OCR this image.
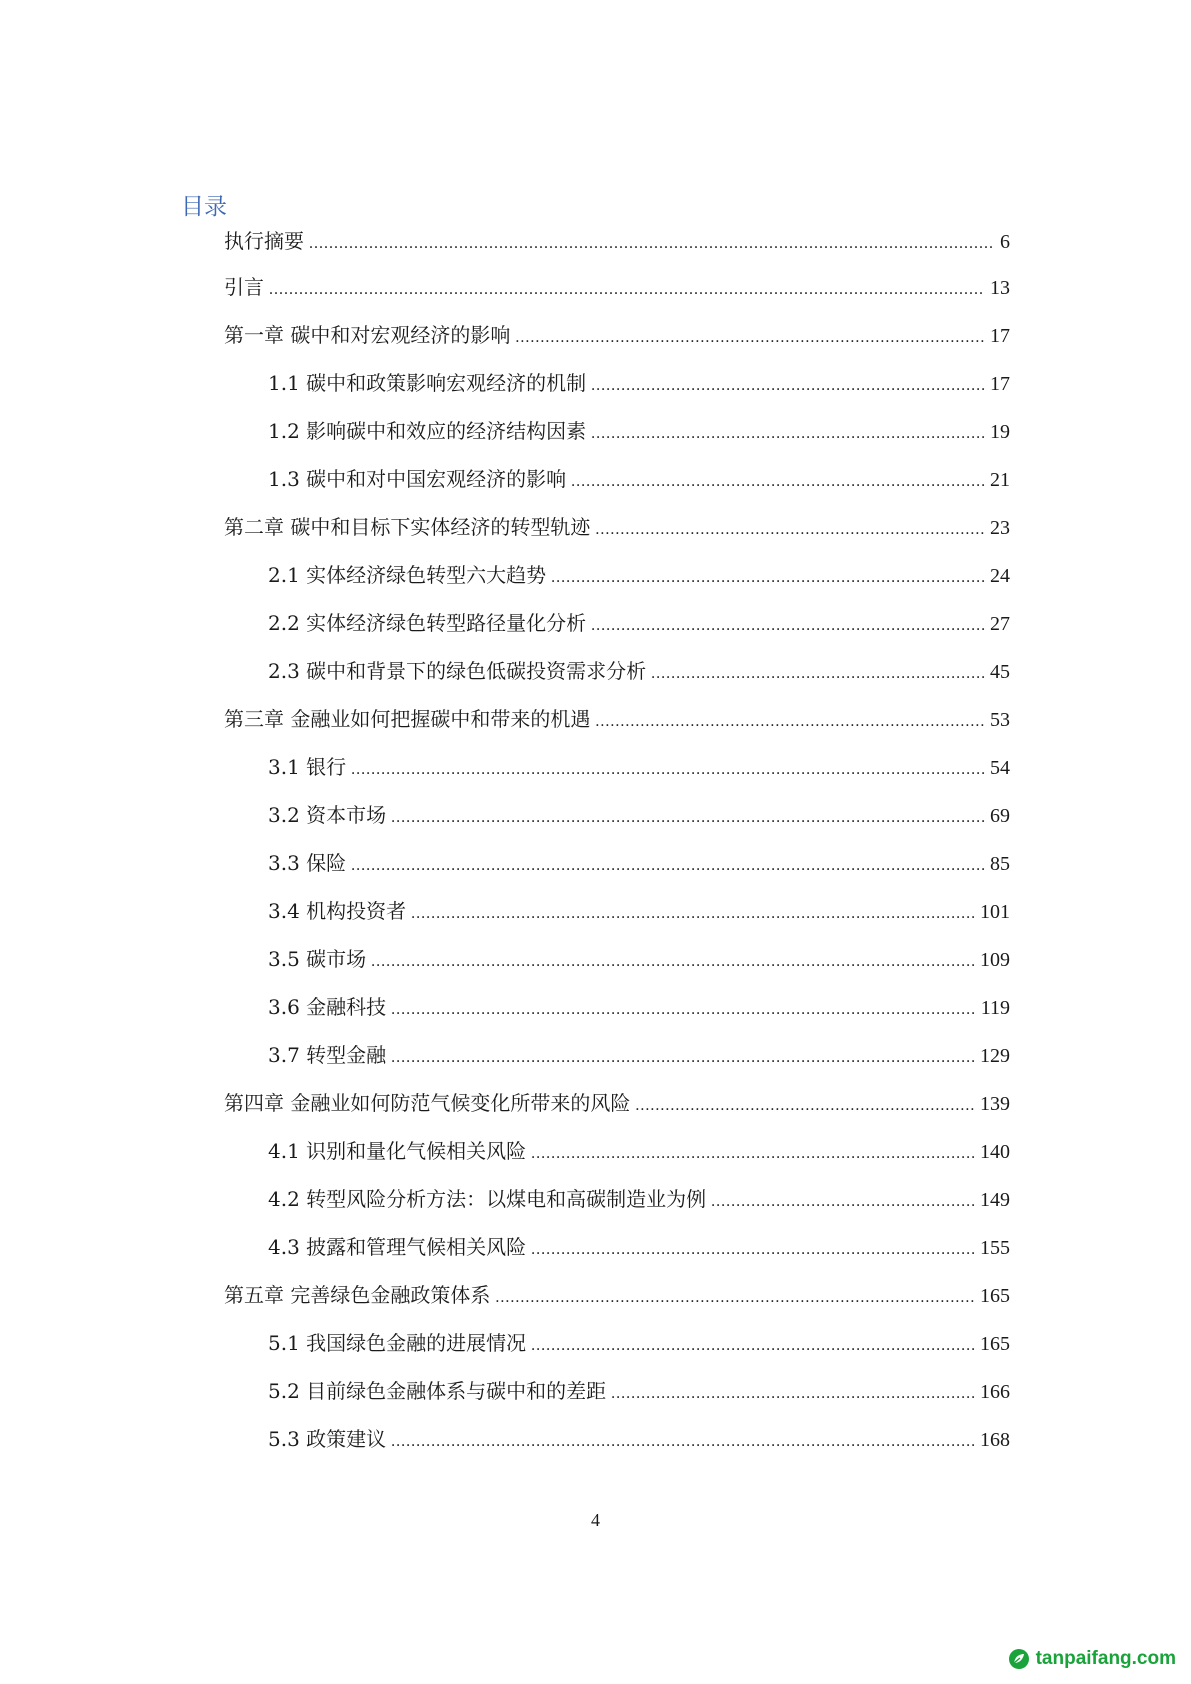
目录
执行摘要 .....	6
引言 .....	13
第一章 碳中和对宏观经济的影响 .....	17
1.1 碳中和政策影响宏观经济的机制 .....	17
1.2 影响碳中和效应的经济结构因素 .....	19
1.3 碳中和对中国宏观经济的影响 .....	21
第二章 碳中和目标下实体经济的转型轨迹 .....	23
2.1 实体经济绿色转型六大趋势 .....	24
2.2 实体经济绿色转型路径量化分析 .....	27
2.3 碳中和背景下的绿色低碳投资需求分析 .....	45
第三章 金融业如何把握碳中和带来的机遇 .....	53
3.1 银行 .....	54
3.2 资本市场 .....	69
3.3 保险 .....	85
3.4 机构投资者 .....	101
3.5 碳市场 .....	109
3.6 金融科技 .....	119
3.7 转型金融 .....	129
第四章 金融业如何防范气候变化所带来的风险 .....	139
4.1 识别和量化气候相关风险 .....	140
4.2 转型风险分析方法：以煤电和高碳制造业为例 .....	149
4.3 披露和管理气候相关风险 .....	155
第五章 完善绿色金融政策体系 .....	165
5.1 我国绿色金融的进展情况 .....	165
5.2 目前绿色金融体系与碳中和的差距 .....	166
5.3 政策建议 .....	168
4
tanpaifang.com
